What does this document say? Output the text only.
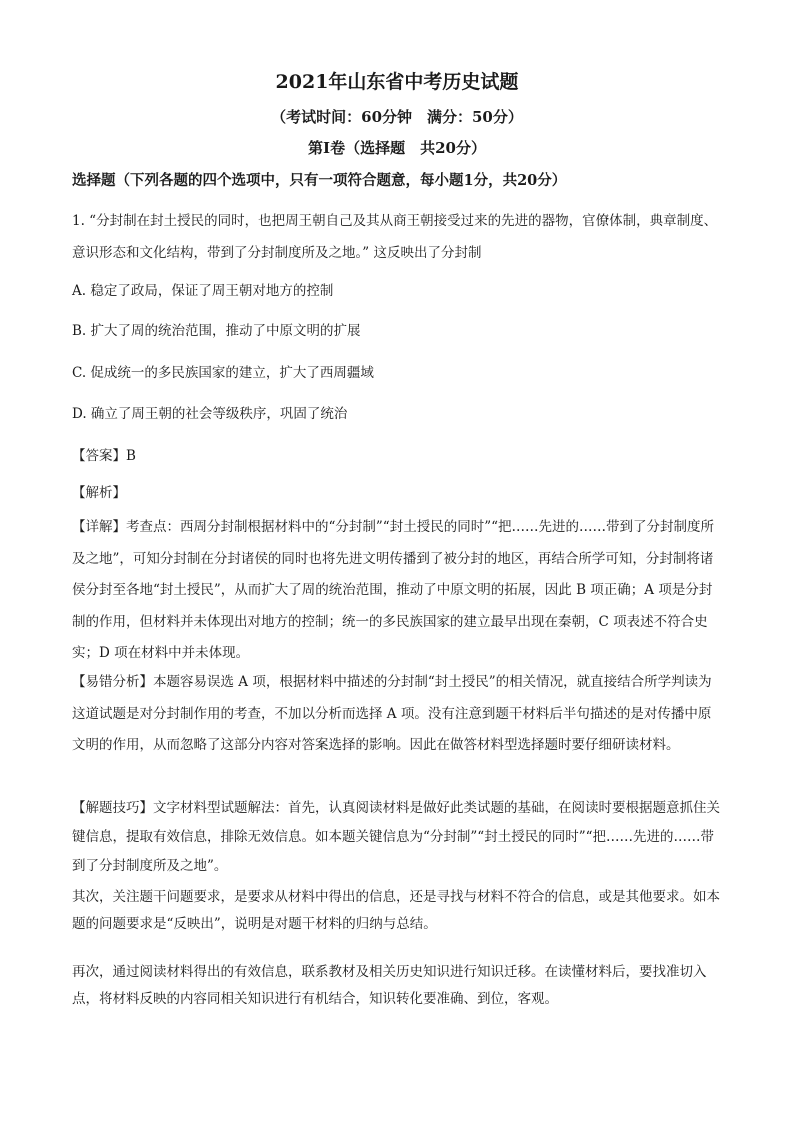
2021年山东省中考历史试题
（考试时间：60分钟　满分：50分）
第Ⅰ卷（选择题　共20分）
选择题（下列各题的四个选项中，只有一项符合题意，每小题1分，共20分）
1. “分封制在封土授民的同时，也把周王朝自己及其从商王朝接受过来的先进的器物，官僚体制，典章制度、意识形态和文化结构，带到了分封制度所及之地。” 这反映出了分封制
A. 稳定了政局，保证了周王朝对地方的控制
B. 扩大了周的统治范围，推动了中原文明的扩展
C. 促成统一的多民族国家的建立，扩大了西周疆域
D. 确立了周王朝的社会等级秩序，巩固了统治
【答案】B
【解析】
【详解】考查点：西周分封制根据材料中的“分封制”“封土授民的同时”“把……先进的……带到了分封制度所及之地”，可知分封制在分封诸侯的同时也将先进文明传播到了被分封的地区，再结合所学可知，分封制将诸侯分封至各地“封土授民”，从而扩大了周的统治范围，推动了中原文明的拓展，因此 B 项正确；A 项是分封制的作用，但材料并未体现出对地方的控制；统一的多民族国家的建立最早出现在秦朝，C 项表述不符合史实；D 项在材料中并未体现。
【易错分析】本题容易误选 A 项，根据材料中描述的分封制“封土授民”的相关情况，就直接结合所学判读为这道试题是对分封制作用的考查，不加以分析而选择 A 项。没有注意到题干材料后半句描述的是对传播中原文明的作用，从而忽略了这部分内容对答案选择的影响。因此在做答材料型选择题时要仔细研读材料。
【解题技巧】文字材料型试题解法：首先，认真阅读材料是做好此类试题的基础，在阅读时要根据题意抓住关键信息，提取有效信息，排除无效信息。如本题关键信息为“分封制”“封土授民的同时”“把……先进的……带到了分封制度所及之地”。
其次，关注题干问题要求，是要求从材料中得出的信息，还是寻找与材料不符合的信息，或是其他要求。如本题的问题要求是“反映出”，说明是对题干材料的归纳与总结。
再次，通过阅读材料得出的有效信息，联系教材及相关历史知识进行知识迁移。在读懂材料后，要找准切入点，将材料反映的内容同相关知识进行有机结合，知识转化要准确、到位，客观。
